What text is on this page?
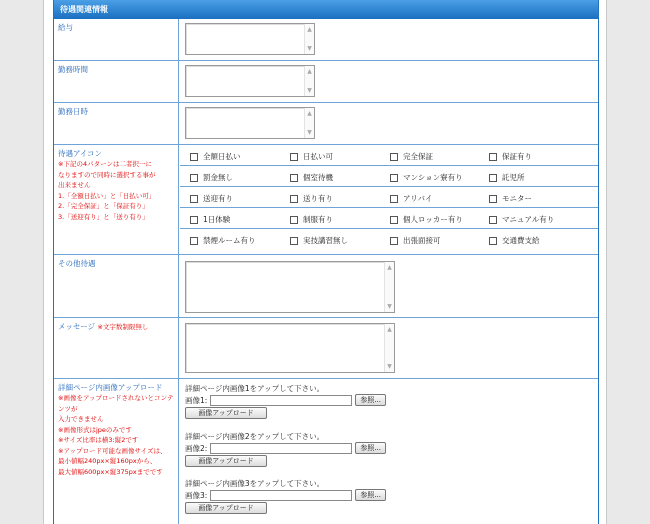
待遇関連情報
給与	▲
▼
勤務時間	▲
▼
勤務日時	▲
▼
待遇アイコン
※下記の4パターンは二者択一に
なりますので同時に選択する事が
出来ません
1.「全額日払い」と「日払い可」
2.「完全保証」と「保証有り」
3.「送迎有り」と「送り有り」
全額日払い	日払い可	完全保証	保証有り
罰金無し	個室待機	マンション寮有り	託児所
送迎有り	送り有り	アリバイ	モニター
1日体験	制服有り	個人ロッカー有り	マニュアル有り
禁煙ルーム有り	実技講習無し	出張面接可	交通費支給
その他待遇	▲
▼
メッセージ ※文字数制限無し	▲
▼
詳細ページ内画像アップロード
※画像をアップロードされないとコンテンツが
入力できません
※画像形式はjpeのみです
※サイズ比率は横3:縦2です
※アップロード可能な画像サイズは、
最小値幅240px×縦160pxから、
最大値幅600px×縦375pxまでです
詳細ページ内画像1をアップして下さい。
画像1:	参照...
画像アップロード
詳細ページ内画像2をアップして下さい。
画像2:	参照...
画像アップロード
詳細ページ内画像3をアップして下さい。
画像3:	参照...
画像アップロード
